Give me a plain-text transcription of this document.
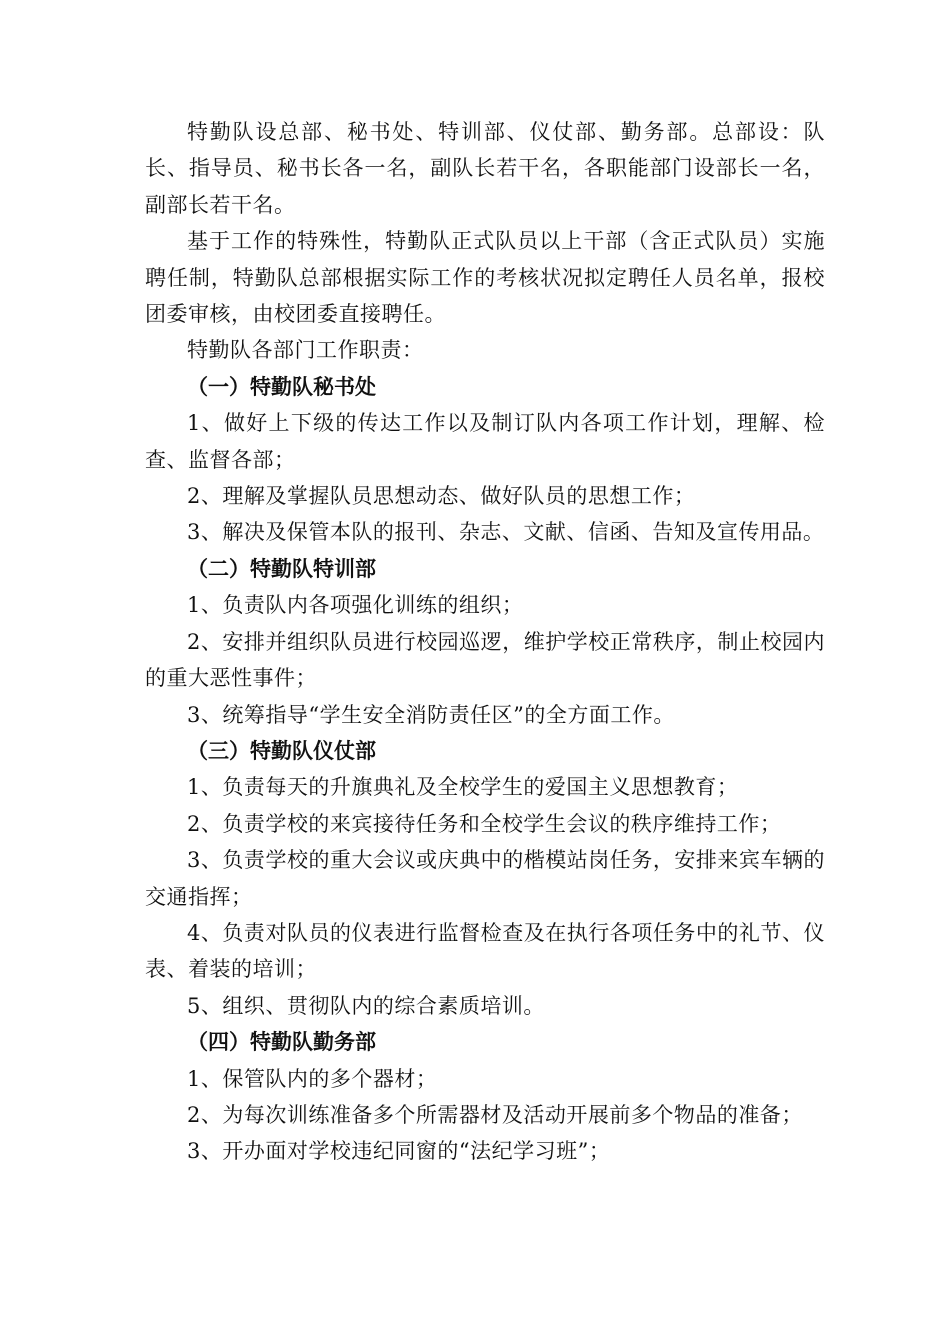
特勤队设总部、秘书处、特训部、仪仗部、勤务部。总部设：队长、指导员、秘书长各一名，副队长若干名，各职能部门设部长一名，副部长若干名。

基于工作的特殊性，特勤队正式队员以上干部（含正式队员）实施聘任制，特勤队总部根据实际工作的考核状况拟定聘任人员名单，报校团委审核，由校团委直接聘任。

特勤队各部门工作职责：

（一）特勤队秘书处

1、做好上下级的传达工作以及制订队内各项工作计划，理解、检查、监督各部；

2、理解及掌握队员思想动态、做好队员的思想工作；

3、解决及保管本队的报刊、杂志、文献、信函、告知及宣传用品。

（二）特勤队特训部

1、负责队内各项强化训练的组织；

2、安排并组织队员进行校园巡逻，维护学校正常秩序，制止校园内的重大恶性事件；

3、统筹指导“学生安全消防责任区”的全方面工作。

（三）特勤队仪仗部

1、负责每天的升旗典礼及全校学生的爱国主义思想教育；

2、负责学校的来宾接待任务和全校学生会议的秩序维持工作；

3、负责学校的重大会议或庆典中的楷模站岗任务，安排来宾车辆的交通指挥；

4、负责对队员的仪表进行监督检查及在执行各项任务中的礼节、仪表、着装的培训；

5、组织、贯彻队内的综合素质培训。

（四）特勤队勤务部

1、保管队内的多个器材；

2、为每次训练准备多个所需器材及活动开展前多个物品的准备；

3、开办面对学校违纪同窗的“法纪学习班”；
